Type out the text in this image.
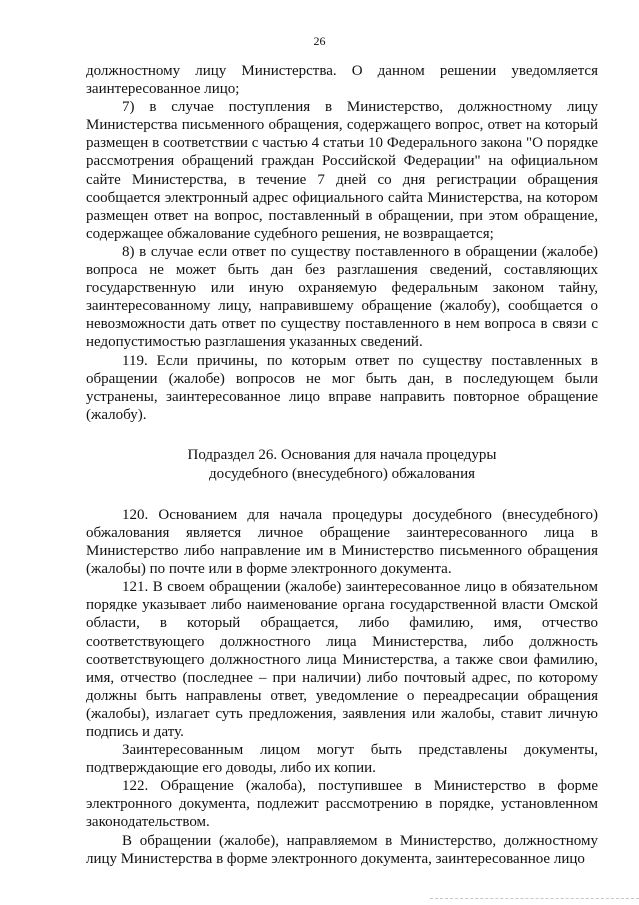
26

должностному лицу Министерства. О данном решении уведомляется заинтересованное лицо;

7) в случае поступления в Министерство, должностному лицу Министерства письменного обращения, содержащего вопрос, ответ на который размещен в соответствии с частью 4 статьи 10 Федерального закона "О порядке рассмотрения обращений граждан Российской Федерации" на официальном сайте Министерства, в течение 7 дней со дня регистрации обращения сообщается электронный адрес официального сайта Министерства, на котором размещен ответ на вопрос, поставленный в обращении, при этом обращение, содержащее обжалование судебного решения, не возвращается;

8) в случае если ответ по существу поставленного в обращении (жалобе) вопроса не может быть дан без разглашения сведений, составляющих государственную или иную охраняемую федеральным законом тайну, заинтересованному лицу, направившему обращение (жалобу), сообщается о невозможности дать ответ по существу поставленного в нем вопроса в связи с недопустимостью разглашения указанных сведений.

119. Если причины, по которым ответ по существу поставленных в обращении (жалобе) вопросов не мог быть дан, в последующем были устранены, заинтересованное лицо вправе направить повторное обращение (жалобу).

Подраздел 26. Основания для начала процедуры
досудебного (внесудебного) обжалования

120. Основанием для начала процедуры досудебного (внесудебного) обжалования является личное обращение заинтересованного лица в Министерство либо направление им в Министерство письменного обращения (жалобы) по почте или в форме электронного документа.

121. В своем обращении (жалобе) заинтересованное лицо в обязательном порядке указывает либо наименование органа государственной власти Омской области, в который обращается, либо фамилию, имя, отчество соответствующего должностного лица Министерства, либо должность соответствующего должностного лица Министерства, а также свои фамилию, имя, отчество (последнее – при наличии) либо почтовый адрес, по которому должны быть направлены ответ, уведомление о переадресации обращения (жалобы), излагает суть предложения, заявления или жалобы, ставит личную подпись и дату.

Заинтересованным лицом могут быть представлены документы, подтверждающие его доводы, либо их копии.

122. Обращение (жалоба), поступившее в Министерство в форме электронного документа, подлежит рассмотрению в порядке, установленном законодательством.

В обращении (жалобе), направляемом в Министерство, должностному лицу Министерства в форме электронного документа, заинтересованное лицо
